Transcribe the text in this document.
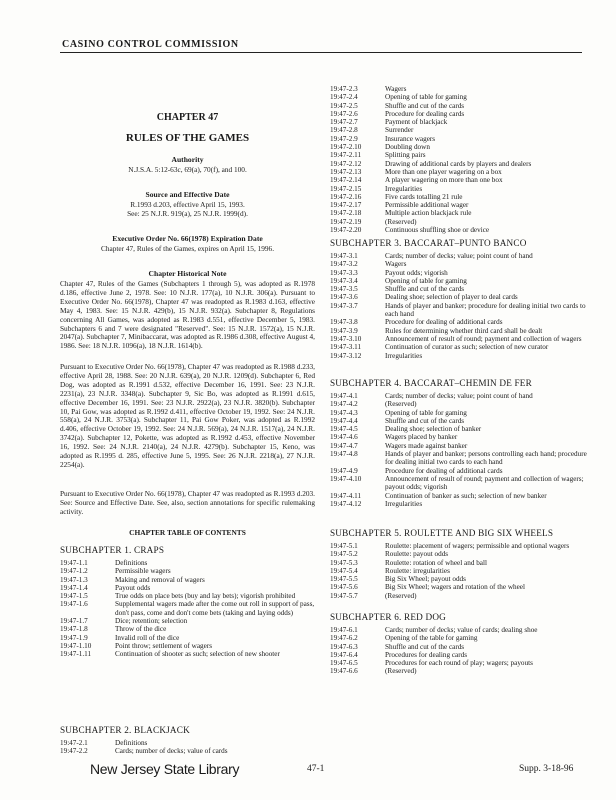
CASINO CONTROL COMMISSION
CHAPTER 47
RULES OF THE GAMES
Authority
N.J.S.A. 5:12-63c, 69(a), 70(f), and 100.
Source and Effective Date
R.1993 d.203, effective April 15, 1993.
See: 25 N.J.R. 919(a), 25 N.J.R. 1999(d).
Executive Order No. 66(1978) Expiration Date
Chapter 47, Rules of the Games, expires on April 15, 1996.
Chapter Historical Note
Chapter 47, Rules of the Games (Subchapters 1 through 5), was adopted as R.1978 d.186, effective June 2, 1978. See: 10 N.J.R. 177(a), 10 N.J.R. 306(a). Pursuant to Executive Order No. 66(1978), Chapter 47 was readopted as R.1983 d.163, effective May 4, 1983. See: 15 N.J.R. 429(b), 15 N.J.R. 932(a). Subchapter 8, Regulations concerning All Games, was adopted as R.1983 d.551, effective December 5, 1983. Subchapters 6 and 7 were designated "Reserved". See: 15 N.J.R. 1572(a), 15 N.J.R. 2047(a). Subchapter 7, Minibaccarat, was adopted as R.1986 d.308, effective August 4, 1986. See: 18 N.J.R. 1096(a), 18 N.J.R. 1614(b).
Pursuant to Executive Order No. 66(1978), Chapter 47 was readopted as R.1988 d.233, effective April 28, 1988. See: 20 N.J.R. 639(a), 20 N.J.R. 1209(d). Subchapter 6, Red Dog, was adopted as R.1991 d.532, effective December 16, 1991. See: 23 N.J.R. 2231(a), 23 N.J.R. 3348(a). Subchapter 9, Sic Bo, was adopted as R.1991 d.615, effective December 16, 1991. See: 23 N.J.R. 2922(a), 23 N.J.R. 3820(b). Subchapter 10, Pai Gow, was adopted as R.1992 d.411, effective October 19, 1992. See: 24 N.J.R. 558(a), 24 N.J.R. 3753(a). Subchapter 11, Pai Gow Poker, was adopted as R.1992 d.406, effective October 19, 1992. See: 24 N.J.R. 569(a), 24 N.J.R. 1517(a), 24 N.J.R. 3742(a). Subchapter 12, Pokette, was adopted as R.1992 d.453, effective November 16, 1992. See: 24 N.J.R. 2140(a), 24 N.J.R. 4279(b). Subchapter 15, Keno, was adopted as R.1995 d. 285, effective June 5, 1995. See: 26 N.J.R. 2218(a), 27 N.J.R. 2254(a).
Pursuant to Executive Order No. 66(1978), Chapter 47 was readopted as R.1993 d.203. See: Source and Effective Date. See, also, section annotations for specific rulemaking activity.
CHAPTER TABLE OF CONTENTS
SUBCHAPTER 1. CRAPS
19:47-1.1	Definitions
19:47-1.2	Permissible wagers
19:47-1.3	Making and removal of wagers
19:47-1.4	Payout odds
19:47-1.5	True odds on place bets (buy and lay bets); vigorish prohibited
19:47-1.6	Supplemental wagers made after the come out roll in support of pass, don't pass, come and don't come bets (taking and laying odds)
19:47-1.7	Dice; retention; selection
19:47-1.8	Throw of the dice
19:47-1.9	Invalid roll of the dice
19:47-1.10	Point throw; settlement of wagers
19:47-1.11	Continuation of shooter as such; selection of new shooter
SUBCHAPTER 2. BLACKJACK
19:47-2.1	Definitions
19:47-2.2	Cards; number of decks; value of cards
19:47-2.3	Wagers
19:47-2.4	Opening of table for gaming
19:47-2.5	Shuffle and cut of the cards
19:47-2.6	Procedure for dealing cards
19:47-2.7	Payment of blackjack
19:47-2.8	Surrender
19:47-2.9	Insurance wagers
19:47-2.10	Doubling down
19:47-2.11	Splitting pairs
19:47-2.12	Drawing of additional cards by players and dealers
19:47-2.13	More than one player wagering on a box
19:47-2.14	A player wagering on more than one box
19:47-2.15	Irregularities
19:47-2.16	Five cards totalling 21 rule
19:47-2.17	Permissible additional wager
19:47-2.18	Multiple action blackjack rule
19:47-2.19	(Reserved)
19:47-2.20	Continuous shuffling shoe or device
SUBCHAPTER 3. BACCARAT–PUNTO BANCO
19:47-3.1	Cards; number of decks; value; point count of hand
19:47-3.2	Wagers
19:47-3.3	Payout odds; vigorish
19:47-3.4	Opening of table for gaming
19:47-3.5	Shuffle and cut of the cards
19:47-3.6	Dealing shoe; selection of player to deal cards
19:47-3.7	Hands of player and banker; procedure for dealing initial two cards to each hand
19:47-3.8	Procedure for dealing of additional cards
19:47-3.9	Rules for determining whether third card shall be dealt
19:47-3.10	Announcement of result of round; payment and collection of wagers
19:47-3.11	Continuation of curator as such; selection of new curator
19:47-3.12	Irregularities
SUBCHAPTER 4. BACCARAT–CHEMIN DE FER
19:47-4.1	Cards; number of decks; value; point count of hand
19:47-4.2	(Reserved)
19:47-4.3	Opening of table for gaming
19:47-4.4	Shuffle and cut of the cards
19:47-4.5	Dealing shoe; selection of banker
19:47-4.6	Wagers placed by banker
19:47-4.7	Wagers made against banker
19:47-4.8	Hands of player and banker; persons controlling each hand; procedure for dealing initial two cards to each hand
19:47-4.9	Procedure for dealing of additional cards
19:47-4.10	Announcement of result of round; payment and collection of wagers; payout odds; vigorish
19:47-4.11	Continuation of banker as such; selection of new banker
19:47-4.12	Irregularities
SUBCHAPTER 5. ROULETTE AND BIG SIX WHEELS
19:47-5.1	Roulette: placement of wagers; permissible and optional wagers
19:47-5.2	Roulette: payout odds
19:47-5.3	Roulette: rotation of wheel and ball
19:47-5.4	Roulette: irregularities
19:47-5.5	Big Six Wheel; payout odds
19:47-5.6	Big Six Wheel; wagers and rotation of the wheel
19:47-5.7	(Reserved)
SUBCHAPTER 6. RED DOG
19:47-6.1	Cards; number of decks; value of cards; dealing shoe
19:47-6.2	Opening of the table for gaming
19:47-6.3	Shuffle and cut of the cards
19:47-6.4	Procedures for dealing cards
19:47-6.5	Procedures for each round of play; wagers; payouts
19:47-6.6	(Reserved)
New Jersey State Library	47-1	Supp. 3-18-96
